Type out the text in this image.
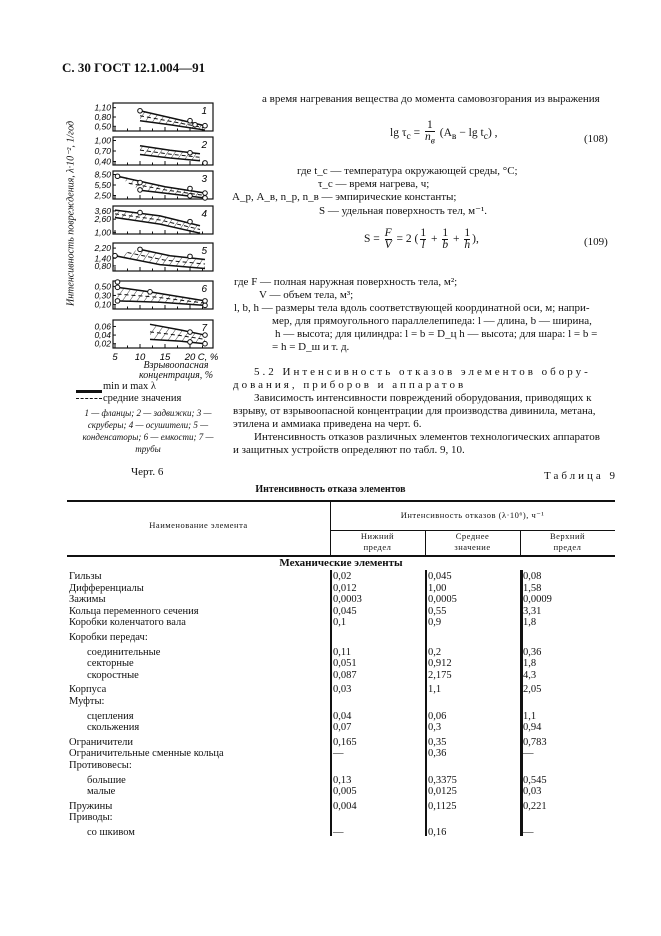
С. 30 ГОСТ 12.1.004—91
1,10
0,80
0,50
1
1,00
0,70
0,40
2
8,50
5,50
2,50
3
3,60
2,60
1,00
4
2,20
1,40
0,80
5
0,50
0,30
0,10
6
0,06
0,04
0,02
7
5 10 15 20 C, %
Интенсивность повреждения, λ·10⁻², 1/год
Взрывоопасная концентрация, %
min и max λ
средние значения
1 — фланцы; 2 — задвижки; 3 — скруберы; 4 — осушители; 5 — конденсаторы; 6 — емкости; 7 — трубы
Черт. 6
а время нагревания вещества до момента самовозгорания из выражения
$\lg \tau_с = \frac{1}{n_в} (A_в - \lg t_с)$ ,
(108)
где t_с — температура окружающей среды, °С;
τ_с — время нагрева, ч;
A_р, A_в, n_р, n_в — эмпирические константы;
S — удельная поверхность тел, м⁻¹.
$S = \frac{F}{V} = 2$ ( $\frac{1}{l} + \frac{1}{b} + \frac{1}{h}$ ),	(109)
где F — полная наружная поверхность тела, м²;
V — объем тела, м³;
l, b, h — размеры тела вдоль соответствующей координатной оси, м; напри-
мер, для прямоугольного параллелепипеда: l — длина, b — ширина,
h — высота; для цилиндра: l = b = D_ц h — высота; для шара: l = b =
= h = D_ш и т. д.
5.2 Интенсивность отказов элементов обору-
дования, приборов и аппаратов
Зависимость интенсивности повреждений оборудования, приводящих к
взрыву, от взрывоопасной концентрации для производства дивинила, метана,
этилена и аммиака приведена на черт. 6.
Интенсивность отказов различных элементов технологических аппаратов
и защитных устройств определяют по табл. 9, 10.
Таблица 9
Интенсивность отказа элементов
Наименование элемента
Интенсивность отказов (λ·10⁶), ч⁻¹
Нижний
предел
Среднее
значение
Верхний
предел
Механические элементы
Гильзы	0,02	0,045	0,08
Дифференциалы	0,012	1,00	1,58
Зажимы	0,0003	0,0005	0,0009
Кольца переменного сечения	0,045	0,55	3,31
Коробки коленчатого вала	0,1	0,9	1,8
Коробки передач:
соединительные	0,11	0,2	0,36
секторные	0,051	0,912	1,8
скоростные	0,087	2,175	4,3
Корпуса	0,03	1,1	2,05
Муфты:
сцепления	0,04	0,06	1,1
скольжения	0,07	0,3	0,94
Ограничители	0,165	0,35	0,783
Ограничительные сменные кольца	—	0,36	—
Противовесы:
большие	0,13	0,3375	0,545
малые	0,005	0,0125	0,03
Пружины	0,004	0,1125	0,221
Приводы:
со шкивом	—	0,16	—
